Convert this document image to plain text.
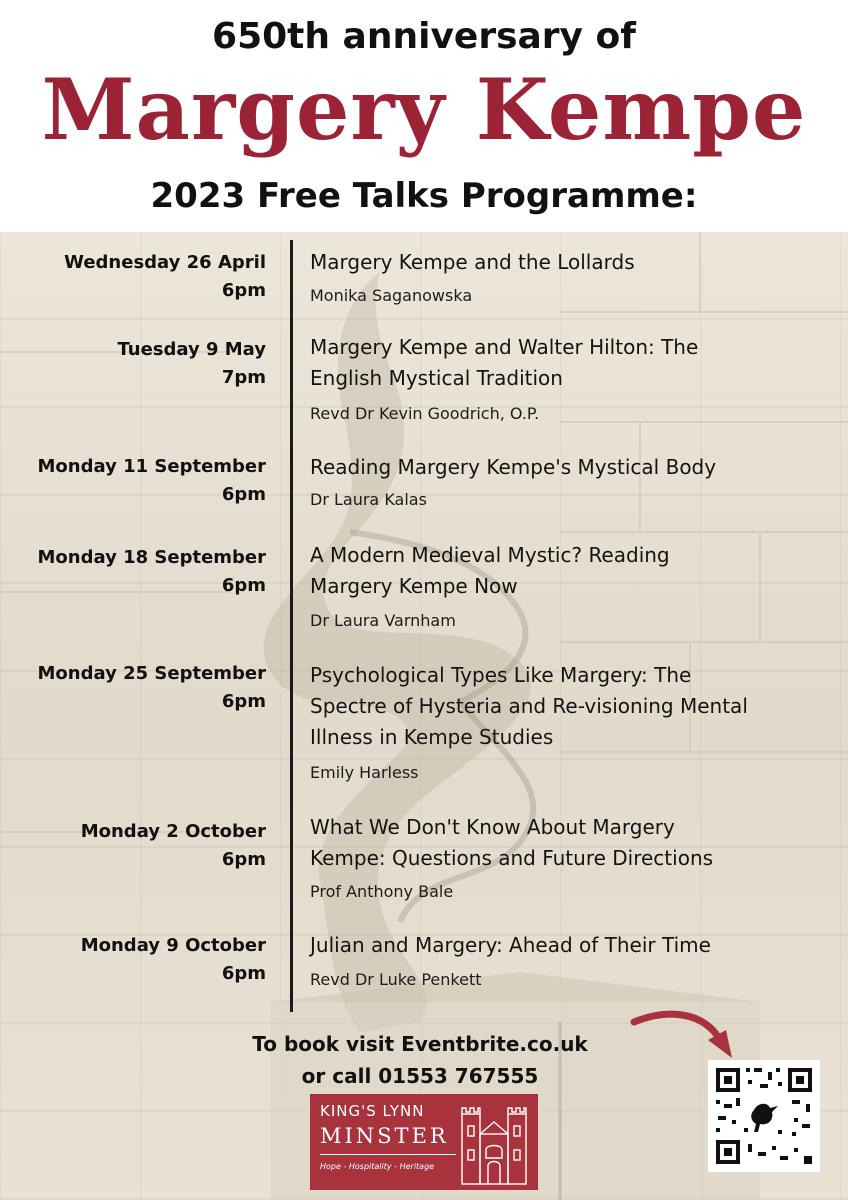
650th anniversary of
Margery Kempe
2023 Free Talks Programme:
Wednesday 26 April
6pm
Margery Kempe and the Lollards
Monika Saganowska
Tuesday 9 May
7pm
Margery Kempe and Walter Hilton: The
English Mystical Tradition
Revd Dr Kevin Goodrich, O.P.
Monday 11 September
6pm
Reading Margery Kempe's Mystical Body
Dr Laura Kalas
Monday 18 September
6pm
A Modern Medieval Mystic? Reading
Margery Kempe Now
Dr Laura Varnham
Monday 25 September
6pm
Psychological Types Like Margery: The
Spectre of Hysteria and Re-visioning Mental
Illness in Kempe Studies
Emily Harless
Monday 2 October
6pm
What We Don't Know About Margery
Kempe: Questions and Future Directions
Prof Anthony Bale
Monday 9 October
6pm
Julian and Margery: Ahead of Their Time
Revd Dr Luke Penkett
To book visit Eventbrite.co.uk
or call 01553 767555
KING'S LYNN
MINSTER
Hope - Hospitality - Heritage
